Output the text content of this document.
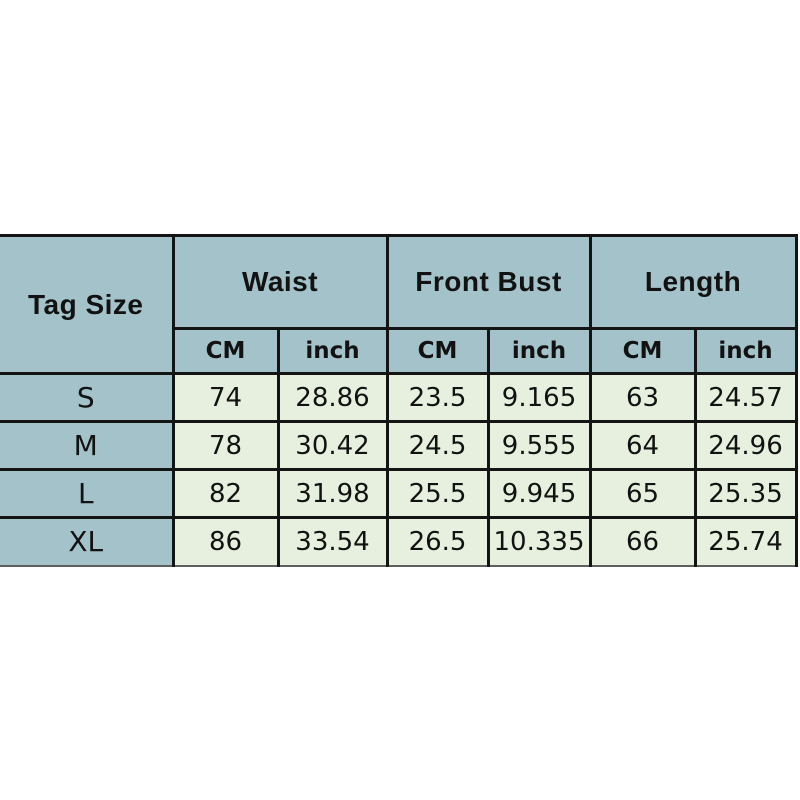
Tag Size	Waist		Front Bust		Length	
	CM	inch	CM	inch	CM	inch
S	74	28.86	23.5	9.165	63	24.57
M	78	30.42	24.5	9.555	64	24.96
L	82	31.98	25.5	9.945	65	25.35
XL	86	33.54	26.5	10.335	66	25.74
